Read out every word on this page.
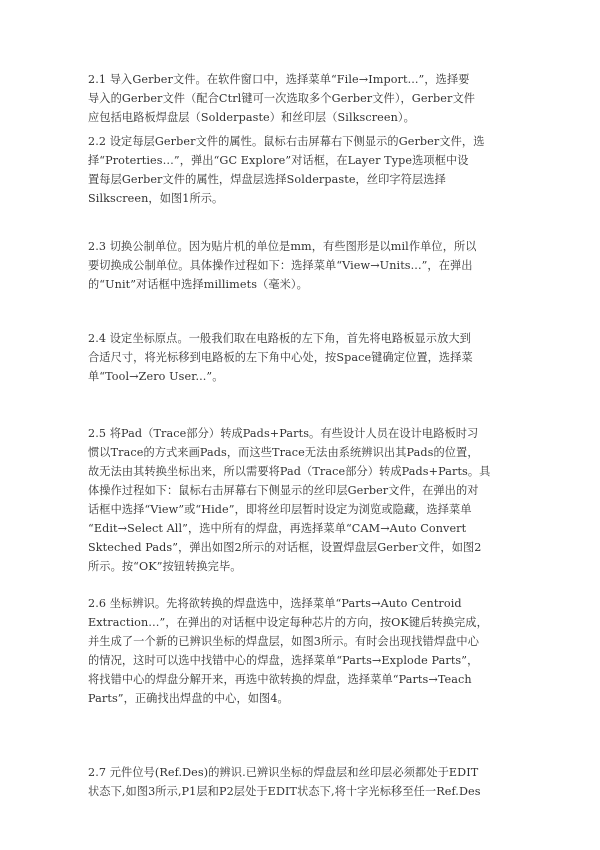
2.1 导入Gerber文件。在软件窗口中，选择菜单“File→Import...”，选择要
导入的Gerber文件（配合Ctrl键可一次选取多个Gerber文件），Gerber文件
应包括电路板焊盘层（Solderpaste）和丝印层（Silkscreen）。
2.2 设定每层Gerber文件的属性。鼠标右击屏幕右下侧显示的Gerber文件，选
择“Proterties…”，弹出“GC Explore”对话框，在Layer Type选项框中设
置每层Gerber文件的属性，焊盘层选择Solderpaste，丝印字符层选择
Silkscreen，如图1所示。
2.3 切换公制单位。因为贴片机的单位是mm，有些图形是以mil作单位，所以
要切换成公制单位。具体操作过程如下：选择菜单“View→Units...”，在弹出
的“Unit”对话框中选择millimets（毫米）。
2.4 设定坐标原点。一般我们取在电路板的左下角，首先将电路板显示放大到
合适尺寸，将光标移到电路板的左下角中心处，按Space键确定位置，选择菜
单“Tool→Zero User...”。
2.5 将Pad（Trace部分）转成Pads+Parts。有些设计人员在设计电路板时习
惯以Trace的方式来画Pads，而这些Trace无法由系统辨识出其Pads的位置，
故无法由其转换坐标出来，所以需要将Pad（Trace部分）转成Pads+Parts。具
体操作过程如下：鼠标右击屏幕右下侧显示的丝印层Gerber文件，在弹出的对
话框中选择“View”或“Hide”，即将丝印层暂时设定为浏览或隐藏，选择菜单
“Edit→Select All”，选中所有的焊盘，再选择菜单“CAM→Auto Convert
Skteched Pads”，弹出如图2所示的对话框，设置焊盘层Gerber文件，如图2
所示。按“OK”按钮转换完毕。
2.6 坐标辨识。先将欲转换的焊盘选中，选择菜单“Parts→Auto Centroid
Extraction…”，在弹出的对话框中设定每种芯片的方向，按OK键后转换完成，
并生成了一个新的已辨识坐标的焊盘层，如图3所示。有时会出现找错焊盘中心
的情况，这时可以选中找错中心的焊盘，选择菜单“Parts→Explode Parts”，
将找错中心的焊盘分解开来，再选中欲转换的焊盘，选择菜单“Parts→Teach
Parts”，正确找出焊盘的中心，如图4。
2.7 元件位号(Ref.Des)的辨识.已辨识坐标的焊盘层和丝印层必须都处于EDIT
状态下,如图3所示,P1层和P2层处于EDIT状态下,将十字光标移至任一Ref.Des
